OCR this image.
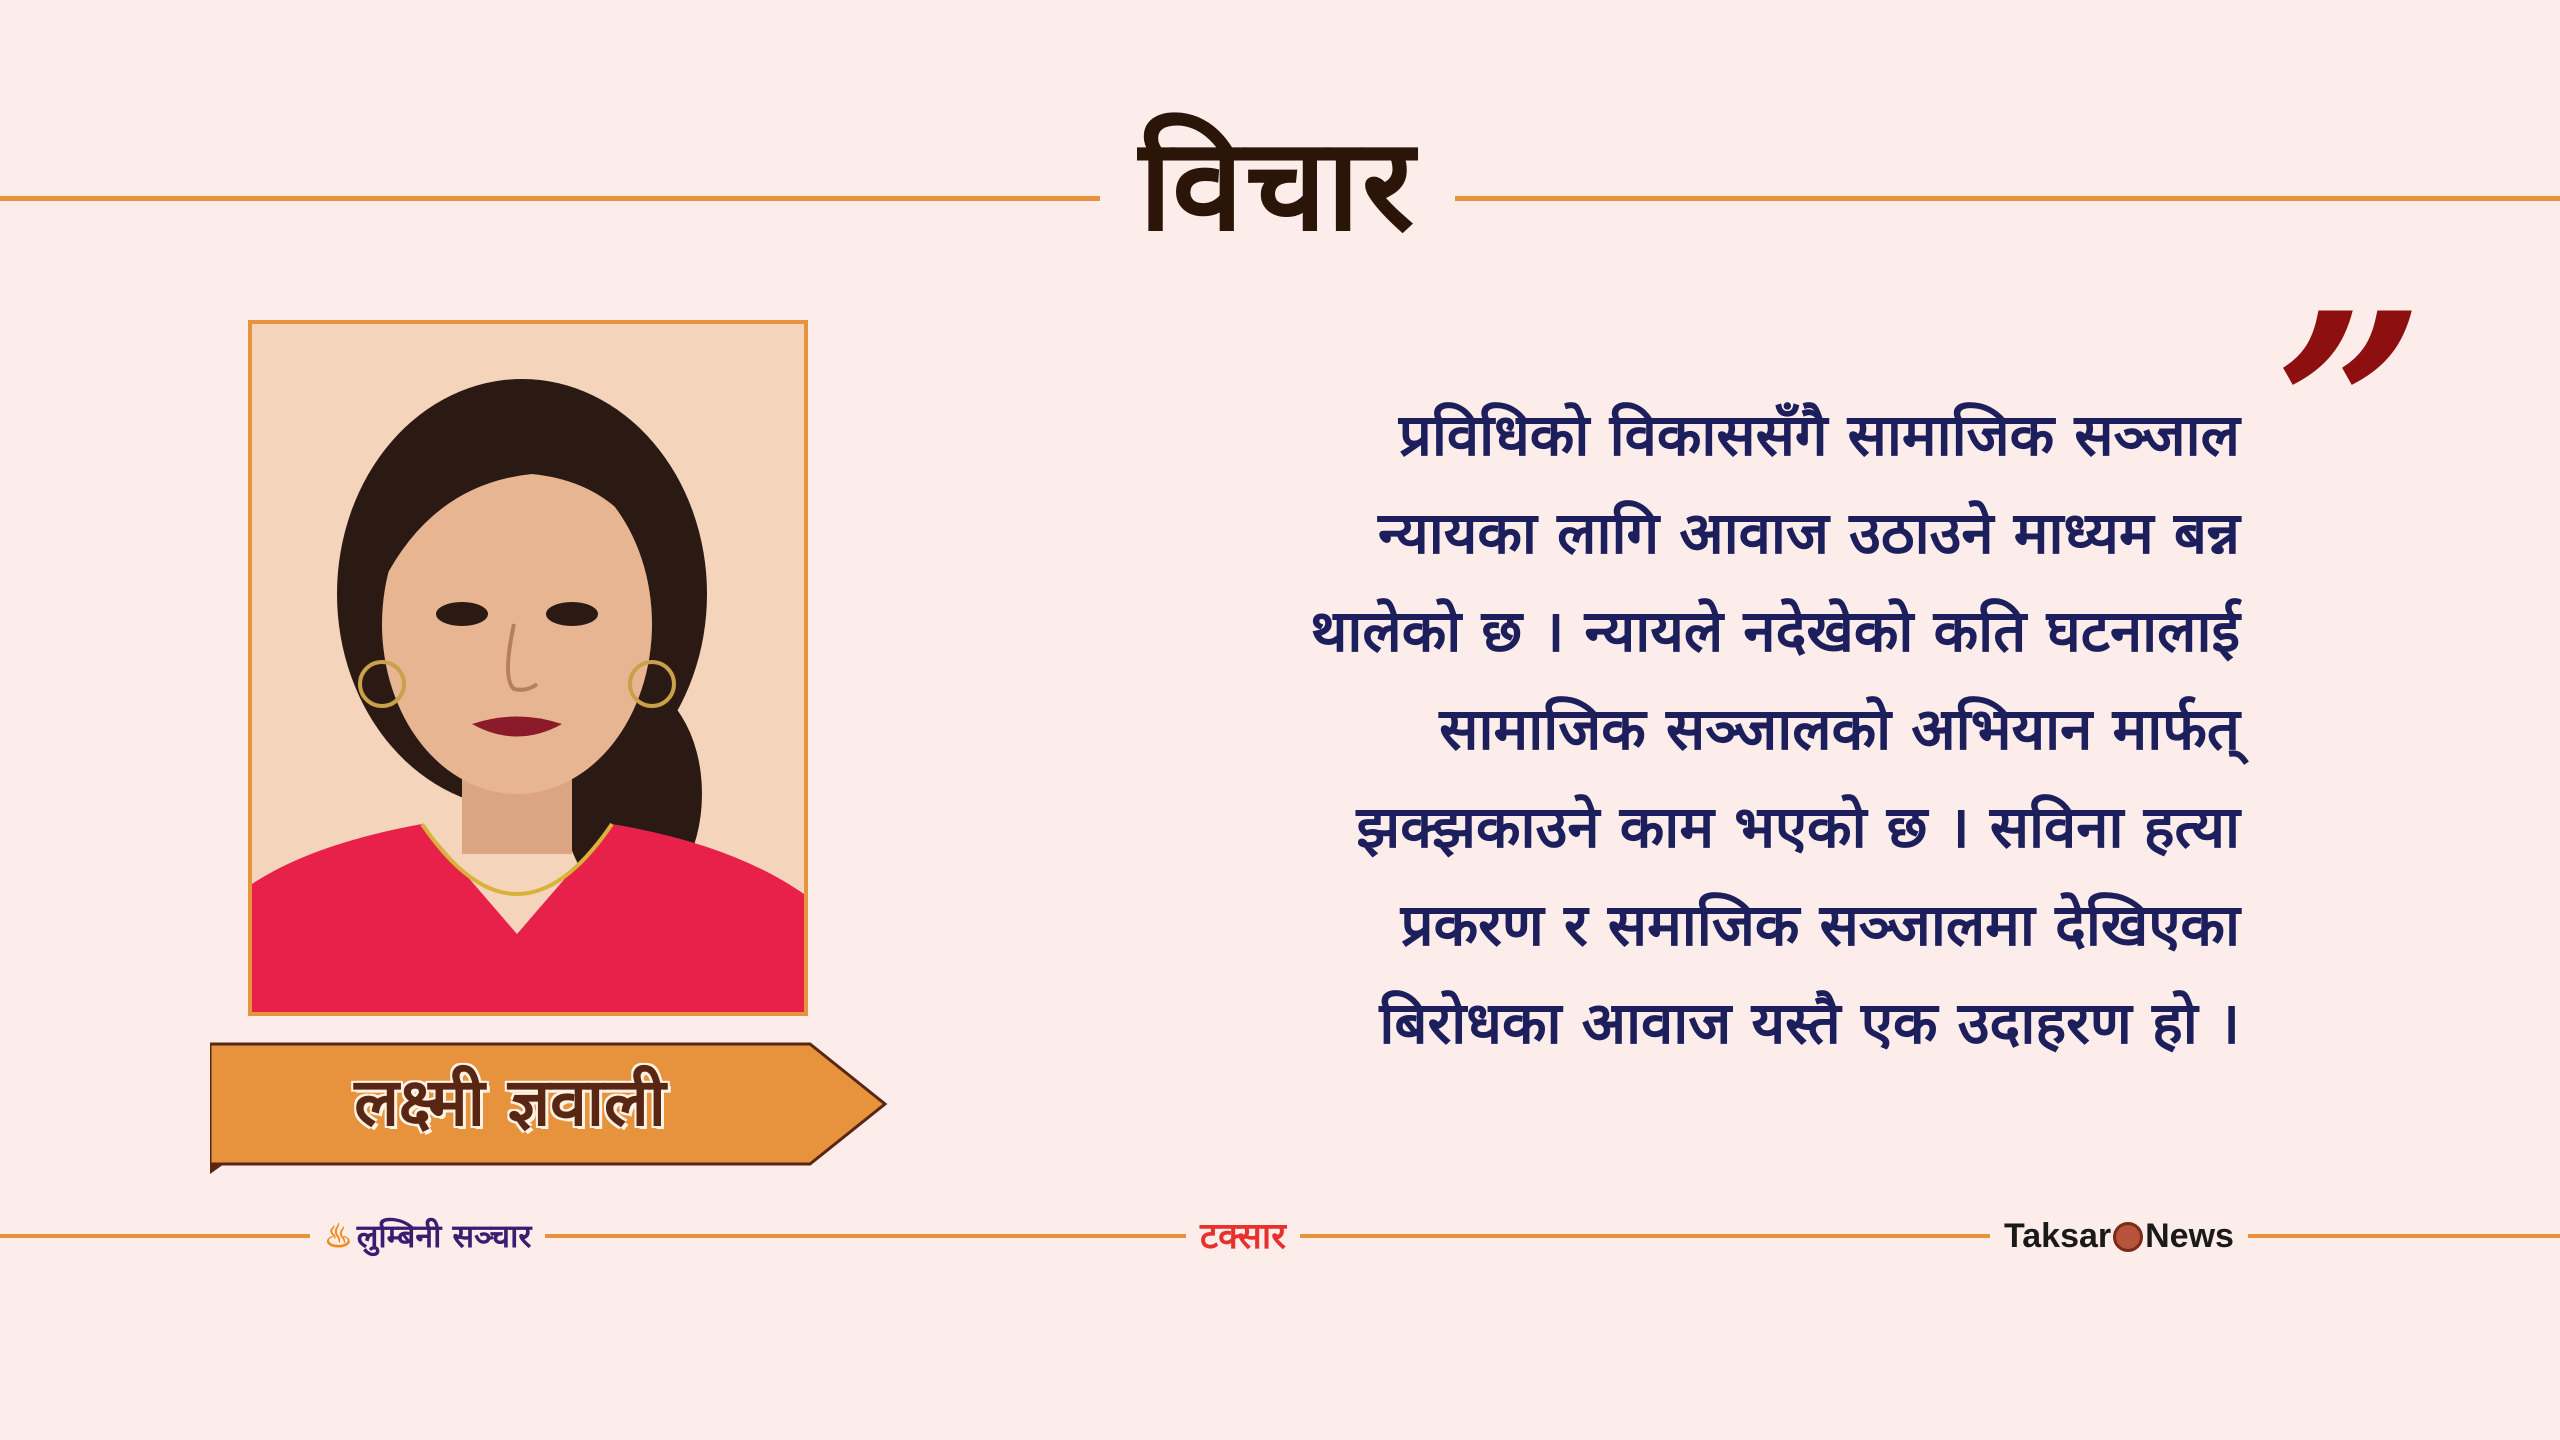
विचार
लक्ष्मी ज्ञवाली
”
प्रविधिको विकाससँगै सामाजिक सञ्जाल
न्यायका लागि आवाज उठाउने माध्यम बन्न
थालेको छ । न्यायले नदेखेको कति घटनालाई
सामाजिक सञ्जालको अभियान मार्फत्
झक्झकाउने काम भएको छ । सविना हत्या
प्रकरण र समाजिक सञ्जालमा देखिएका
बिरोधका आवाज यस्तै एक उदाहरण हो ।
♨ लुम्बिनी सञ्चार	टक्सार	Taksar News
